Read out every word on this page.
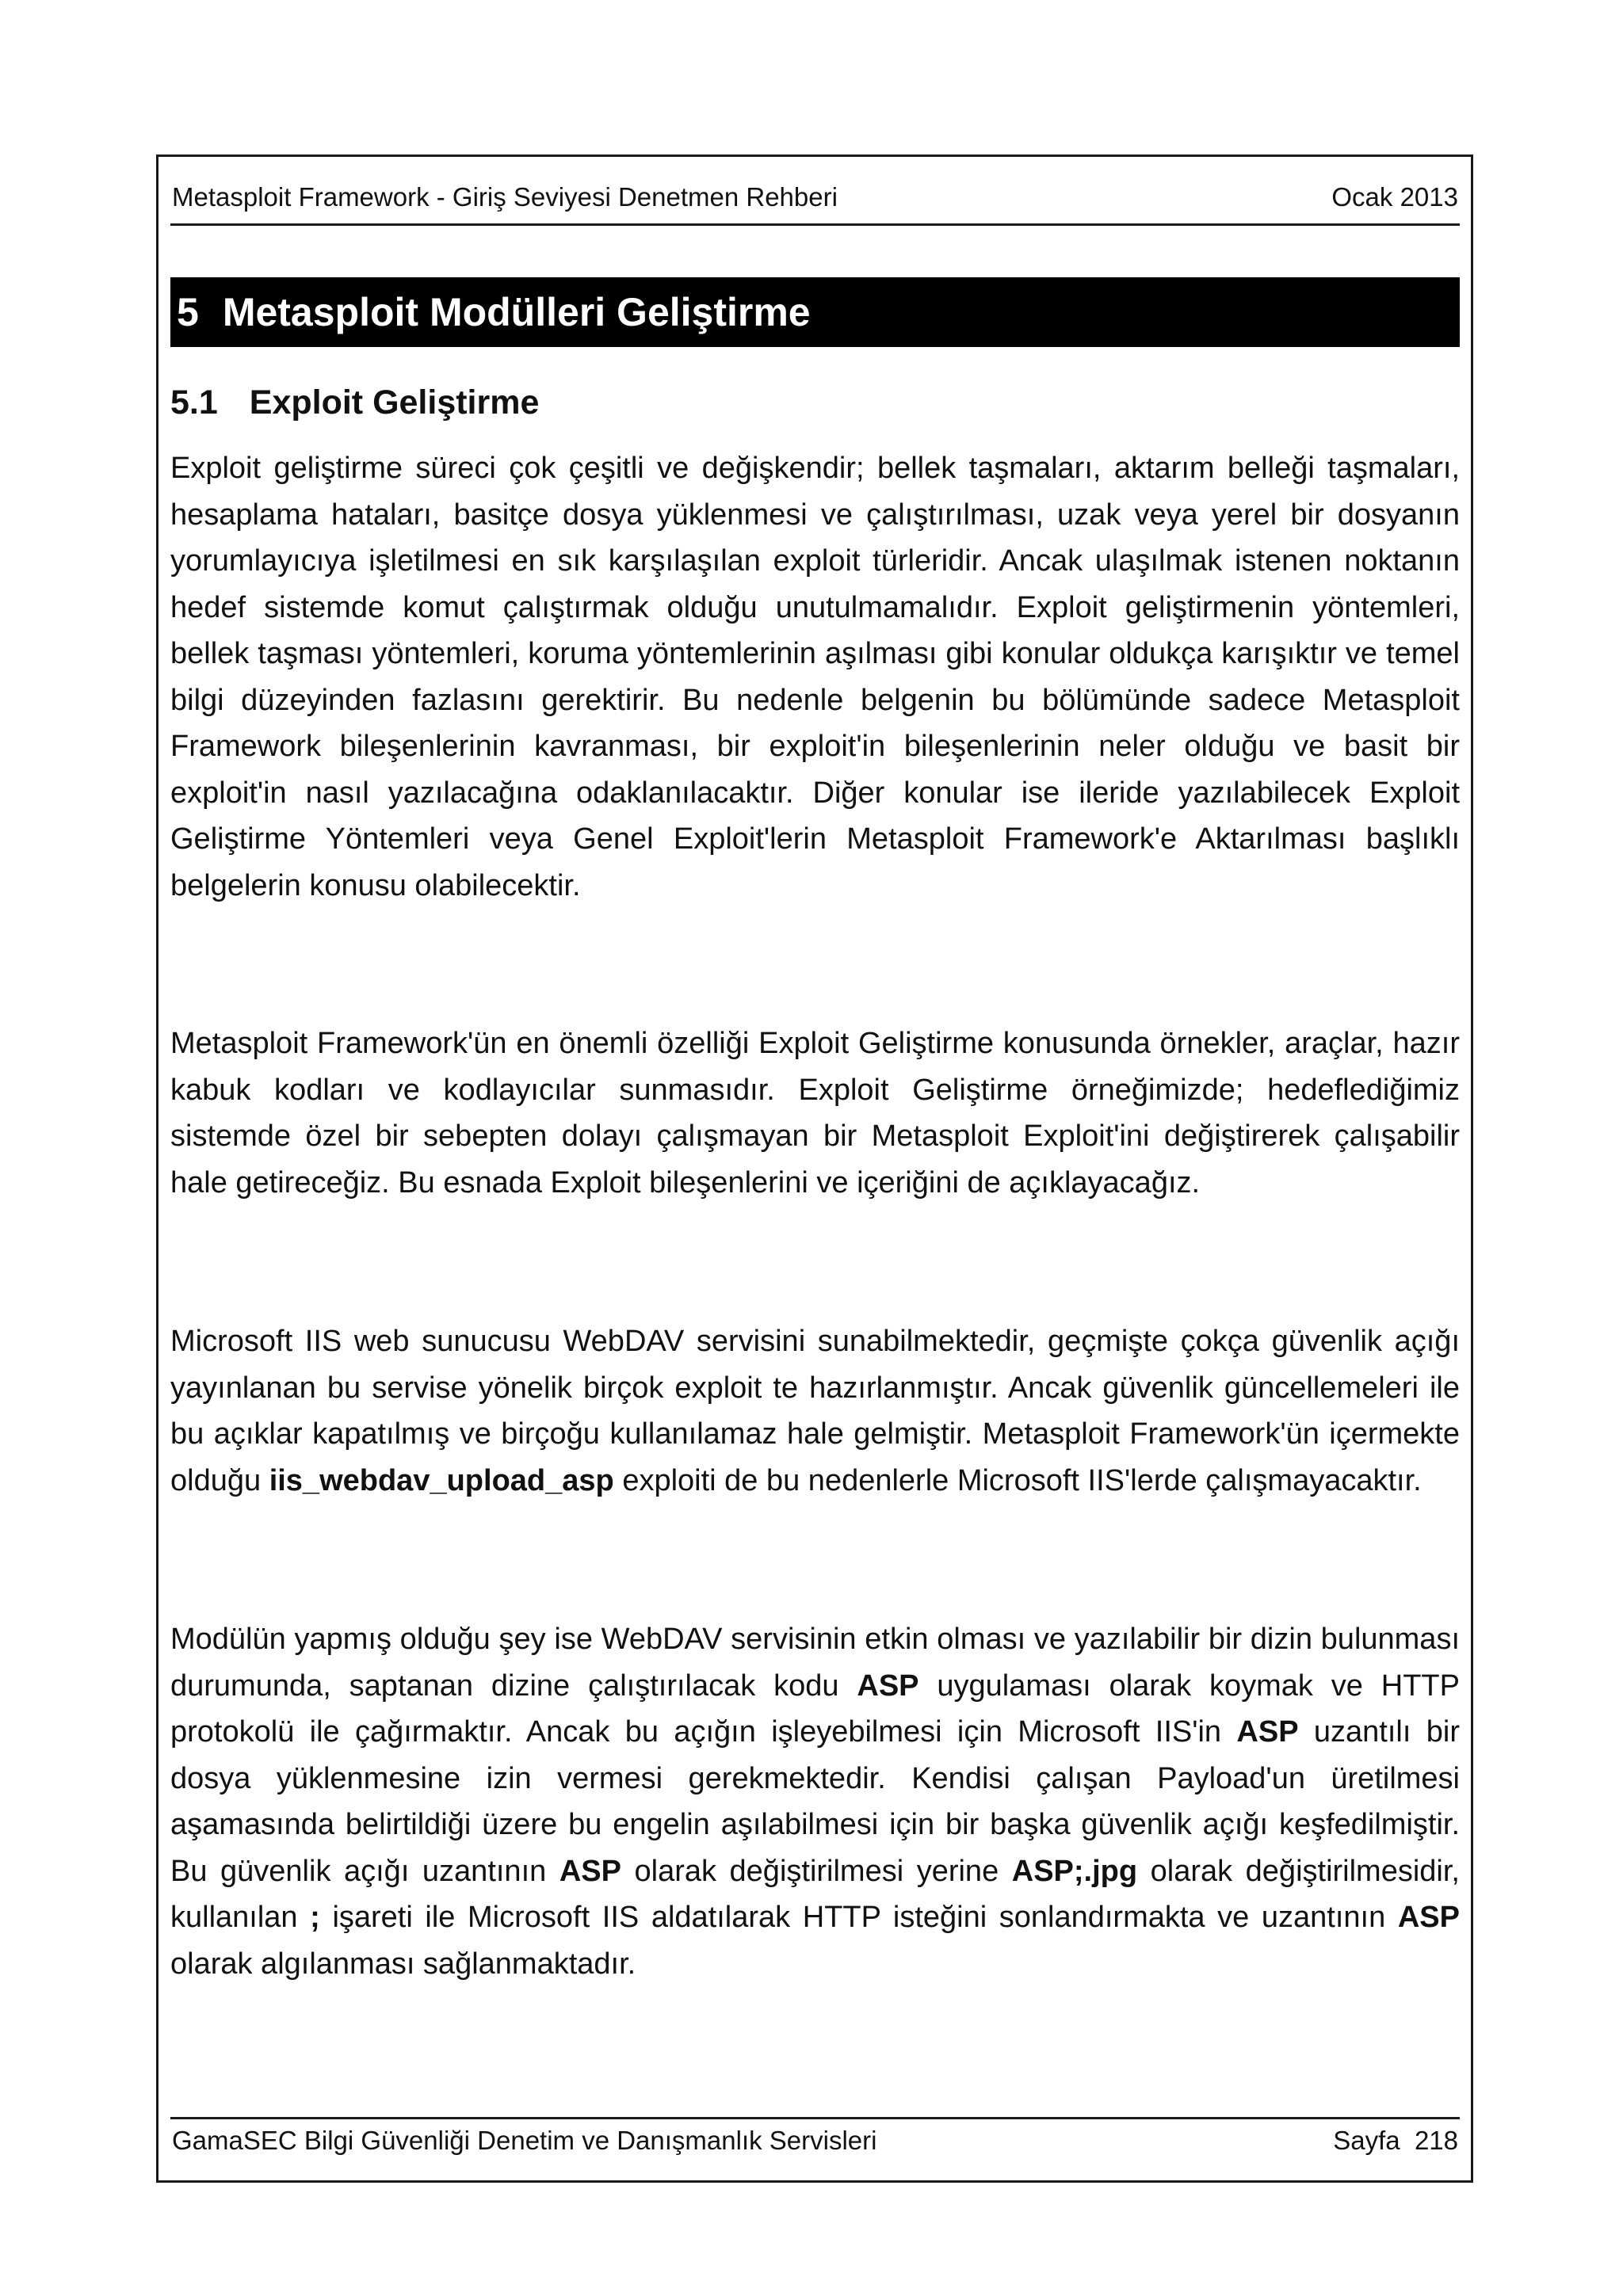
Metasploit Framework - Giriş Seviyesi Denetmen Rehberi	Ocak 2013
5 Metasploit Modülleri Geliştirme
5.1 Exploit Geliştirme

Exploit geliştirme süreci çok çeşitli ve değişkendir; bellek taşmaları, aktarım belleği taşmaları, hesaplama hataları, basitçe dosya yüklenmesi ve çalıştırılması, uzak veya yerel bir dosyanın yorumlayıcıya işletilmesi en sık karşılaşılan exploit türleridir. Ancak ulaşılmak istenen noktanın hedef sistemde komut çalıştırmak olduğu unutulmamalıdır. Exploit geliştirmenin yöntemleri, bellek taşması yöntemleri, koruma yöntemlerinin aşılması gibi konular oldukça karışıktır ve temel bilgi düzeyinden fazlasını gerektirir. Bu nedenle belgenin bu bölümünde sadece Metasploit Framework bileşenlerinin kavranması, bir exploit'in bileşenlerinin neler olduğu ve basit bir exploit'in nasıl yazılacağına odaklanılacaktır. Diğer konular ise ileride yazılabilecek Exploit Geliştirme Yöntemleri veya Genel Exploit'lerin Metasploit Framework'e Aktarılması başlıklı belgelerin konusu olabilecektir.

Metasploit Framework'ün en önemli özelliği Exploit Geliştirme konusunda örnekler, araçlar, hazır kabuk kodları ve kodlayıcılar sunmasıdır. Exploit Geliştirme örneğimizde; hedeflediğimiz sistemde özel bir sebepten dolayı çalışmayan bir Metasploit Exploit'ini değiştirerek çalışabilir hale getireceğiz. Bu esnada Exploit bileşenlerini ve içeriğini de açıklayacağız.

Microsoft IIS web sunucusu WebDAV servisini sunabilmektedir, geçmişte çokça güvenlik açığı yayınlanan bu servise yönelik birçok exploit te hazırlanmıştır. Ancak güvenlik güncellemeleri ile bu açıklar kapatılmış ve birçoğu kullanılamaz hale gelmiştir. Metasploit Framework'ün içermekte olduğu iis_webdav_upload_asp exploiti de bu nedenlerle Microsoft IIS'lerde çalışmayacaktır.

Modülün yapmış olduğu şey ise WebDAV servisinin etkin olması ve yazılabilir bir dizin bulunması durumunda, saptanan dizine çalıştırılacak kodu ASP uygulaması olarak koymak ve HTTP protokolü ile çağırmaktır. Ancak bu açığın işleyebilmesi için Microsoft IIS'in ASP uzantılı bir dosya yüklenmesine izin vermesi gerekmektedir. Kendisi çalışan Payload'un üretilmesi aşamasında belirtildiği üzere bu engelin aşılabilmesi için bir başka güvenlik açığı keşfedilmiştir. Bu güvenlik açığı uzantının ASP olarak değiştirilmesi yerine ASP;.jpg olarak değiştirilmesidir, kullanılan ; işareti ile Microsoft IIS aldatılarak HTTP isteğini sonlandırmakta ve uzantının ASP olarak algılanması sağlanmaktadır.

GamaSEC Bilgi Güvenliği Denetim ve Danışmanlık Servisleri	Sayfa 218
